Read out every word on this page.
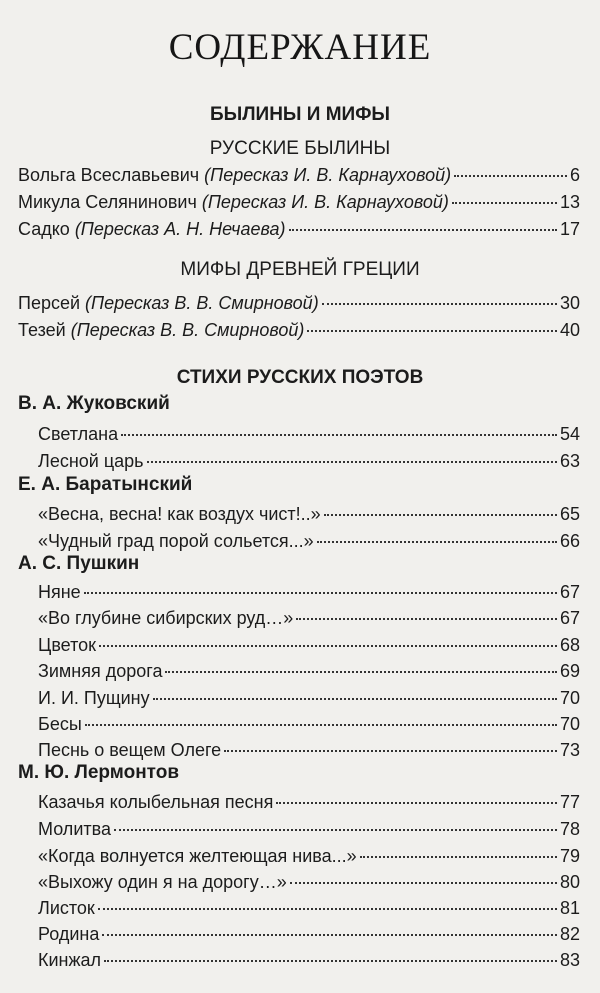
СОДЕРЖАНИЕ
БЫЛИНЫ И МИФЫ
РУССКИЕ БЫЛИНЫ
Вольга Всеславьевич (Пересказ И. В. Карнауховой)	6
Микула Селянинович (Пересказ И. В. Карнауховой)	13
Садко (Пересказ А. Н. Нечаева)	17
МИФЫ ДРЕВНЕЙ ГРЕЦИИ
Персей (Пересказ В. В. Смирновой)	30
Тезей (Пересказ В. В. Смирновой)	40
СТИХИ РУССКИХ ПОЭТОВ
В. А. Жуковский
Светлана	54
Лесной царь	63
Е. А. Баратынский
«Весна, весна! как воздух чист!..»	65
«Чудный град порой сольется...»	66
А. С. Пушкин
Няне	67
«Во глубине сибирских руд…»	67
Цветок	68
Зимняя дорога	69
И. И. Пущину	70
Бесы	70
Песнь о вещем Олеге	73
М. Ю. Лермонтов
Казачья колыбельная песня	77
Молитва	78
«Когда волнуется желтеющая нива...»	79
«Выхожу один я на дорогу…»	80
Листок	81
Родина	82
Кинжал	83
